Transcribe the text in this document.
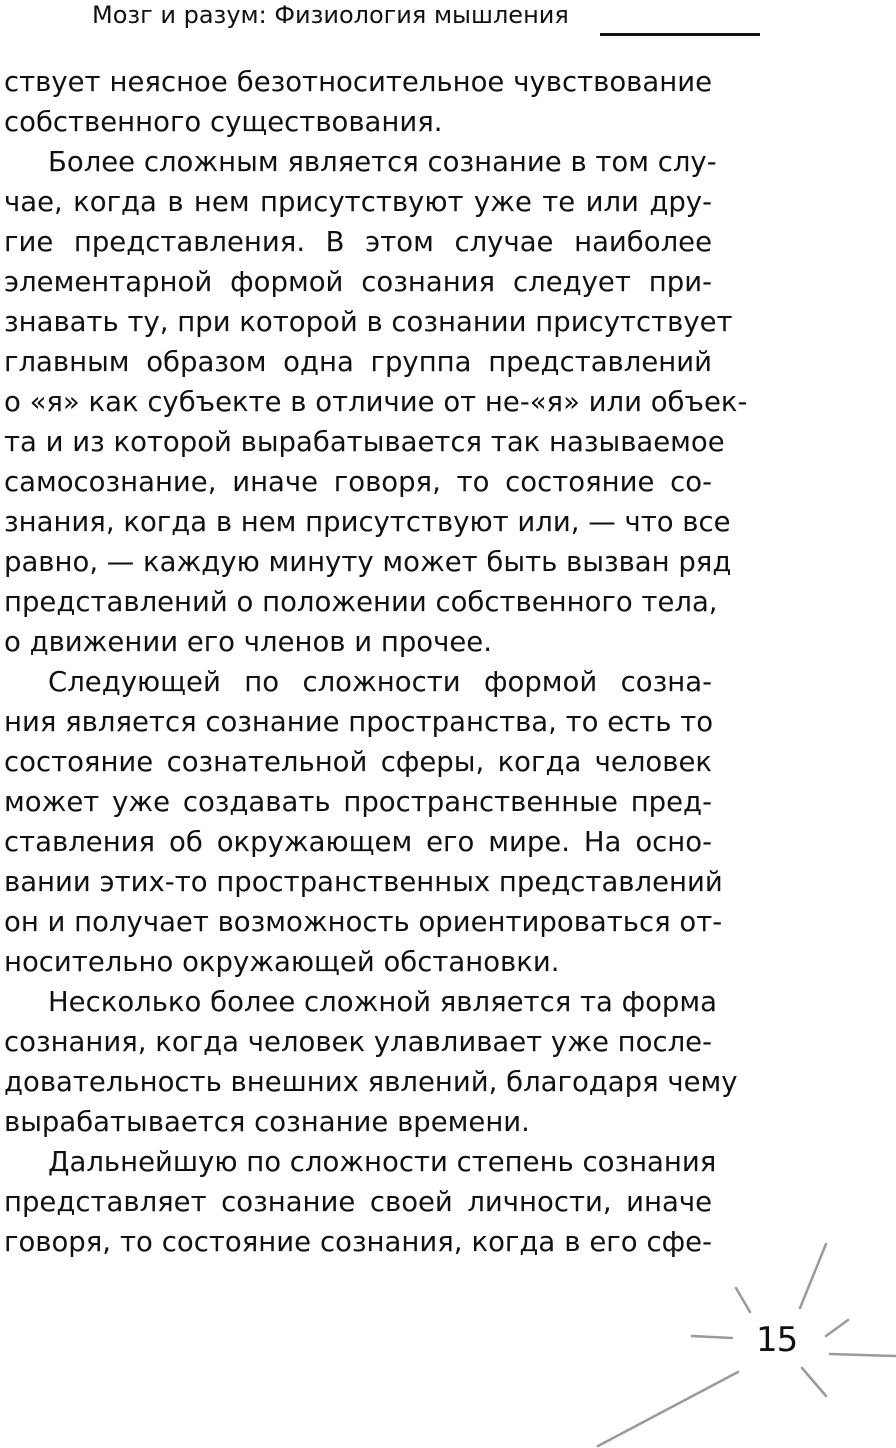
Мозг и разум: Физиология мышления
ствует неясное безотносительное чувствование
собственного существования.
Более сложным является сознание в том слу-
чае, когда в нем присутствуют уже те или дру-
гие представления. В этом случае наиболее
элементарной формой сознания следует при-
знавать ту, при которой в сознании присутствует
главным образом одна группа представлений
о «я» как субъекте в отличие от не-«я» или объек-
та и из которой вырабатывается так называемое
самосознание, иначе говоря, то состояние со-
знания, когда в нем присутствуют или, — что все
равно, — каждую минуту может быть вызван ряд
представлений о положении собственного тела,
о движении его членов и прочее.
Следующей по сложности формой созна-
ния является сознание пространства, то есть то
состояние сознательной сферы, когда человек
может уже создавать пространственные пред-
ставления об окружающем его мире. На осно-
вании этих-то пространственных представлений
он и получает возможность ориентироваться от-
носительно окружающей обстановки.
Несколько более сложной является та форма
сознания, когда человек улавливает уже после-
довательность внешних явлений, благодаря чему
вырабатывается сознание времени.
Дальнейшую по сложности степень сознания
представляет сознание своей личности, иначе
говоря, то состояние сознания, когда в его сфе-
15
